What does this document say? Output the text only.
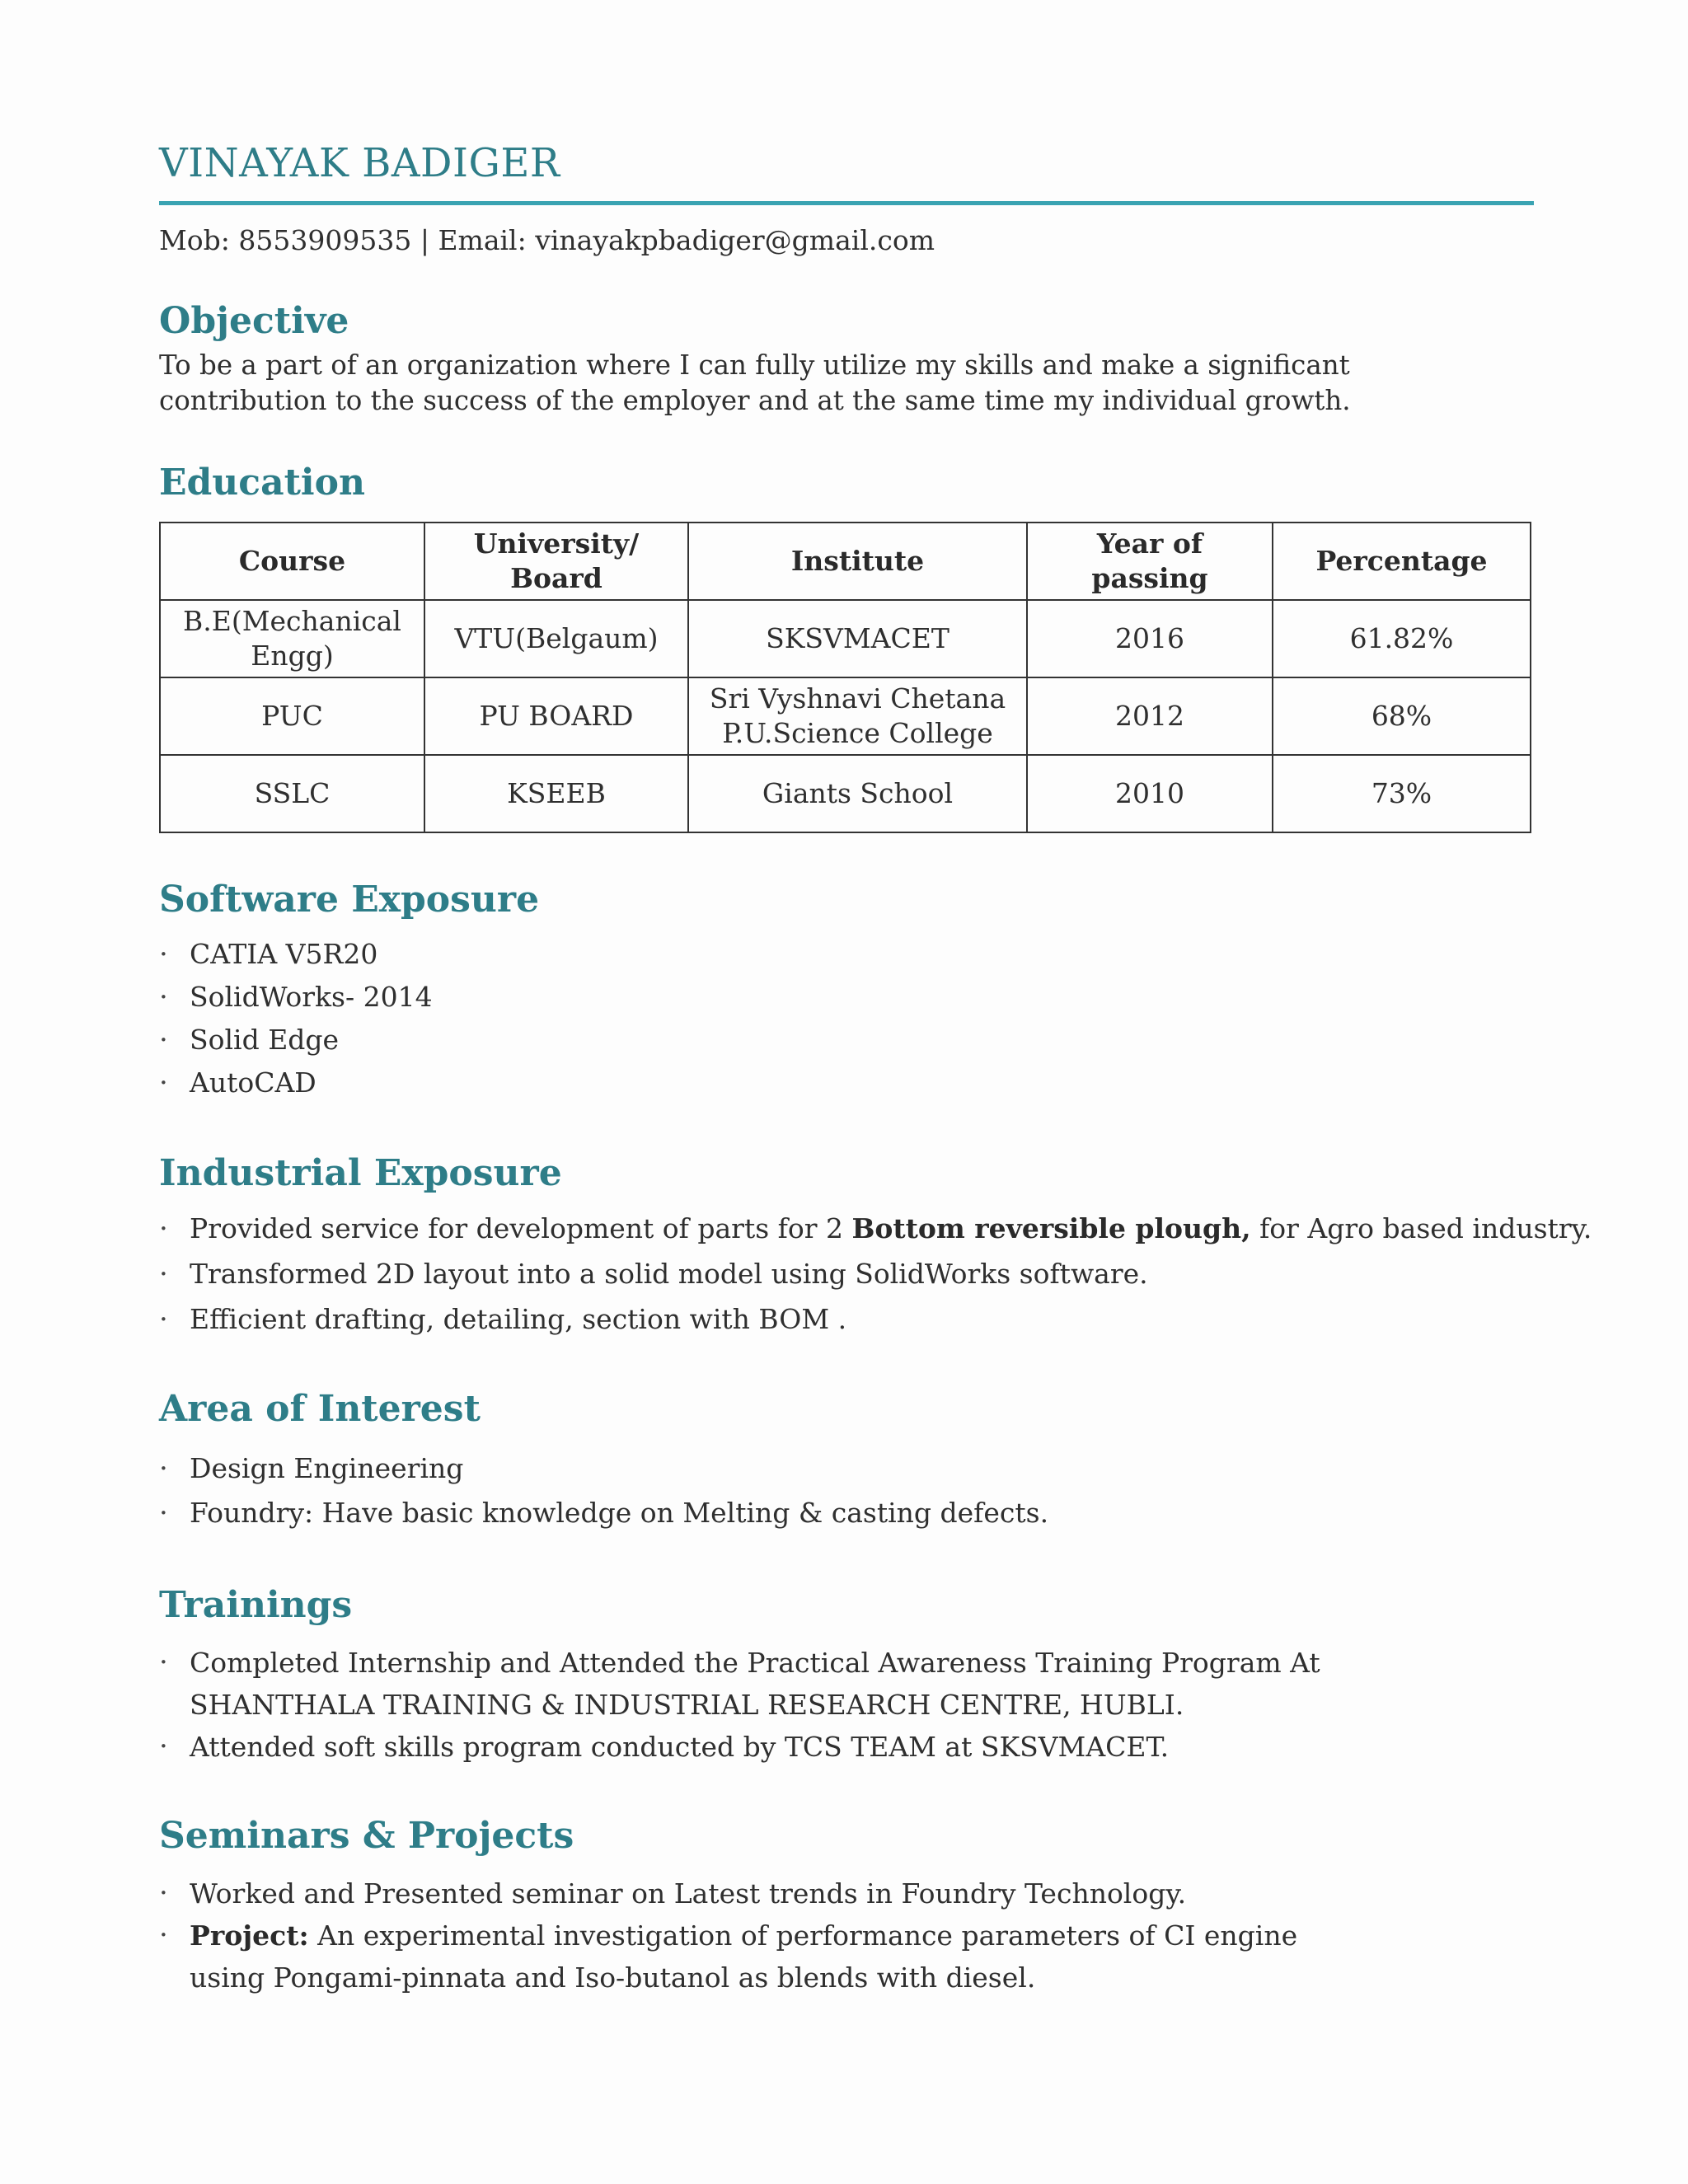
VINAYAK BADIGER
Mob: 8553909535 | Email: vinayakpbadiger@gmail.com
Objective

To be a part of an organization where I can fully utilize my skills and make a significant contribution to the success of the employer and at the same time my individual growth.

Education
Course	University/ Board	Institute	Year of passing	Percentage
B.E(Mechanical Engg)	VTU(Belgaum)	SKSVMACET	2016	61.82%
PUC	PU BOARD	Sri Vyshnavi Chetana P.U.Science College	2012	68%
SSLC	KSEEB	Giants School	2010	73%
Software Exposure
· CATIA V5R20
· SolidWorks- 2014
· Solid Edge
· AutoCAD
Industrial Exposure
· Provided service for development of parts for 2 Bottom reversible plough, for Agro based industry.
· Transformed 2D layout into a solid model using SolidWorks software.
· Efficient drafting, detailing, section with BOM .
Area of Interest
· Design Engineering
· Foundry: Have basic knowledge on Melting & casting defects.
Trainings
· Completed Internship and Attended the Practical Awareness Training Program At SHANTHALA TRAINING & INDUSTRIAL RESEARCH CENTRE, HUBLI.
· Attended soft skills program conducted by TCS TEAM at SKSVMACET.
Seminars & Projects
· Worked and Presented seminar on Latest trends in Foundry Technology.
· Project: An experimental investigation of performance parameters of CI engine using Pongami-pinnata and Iso-butanol as blends with diesel.
